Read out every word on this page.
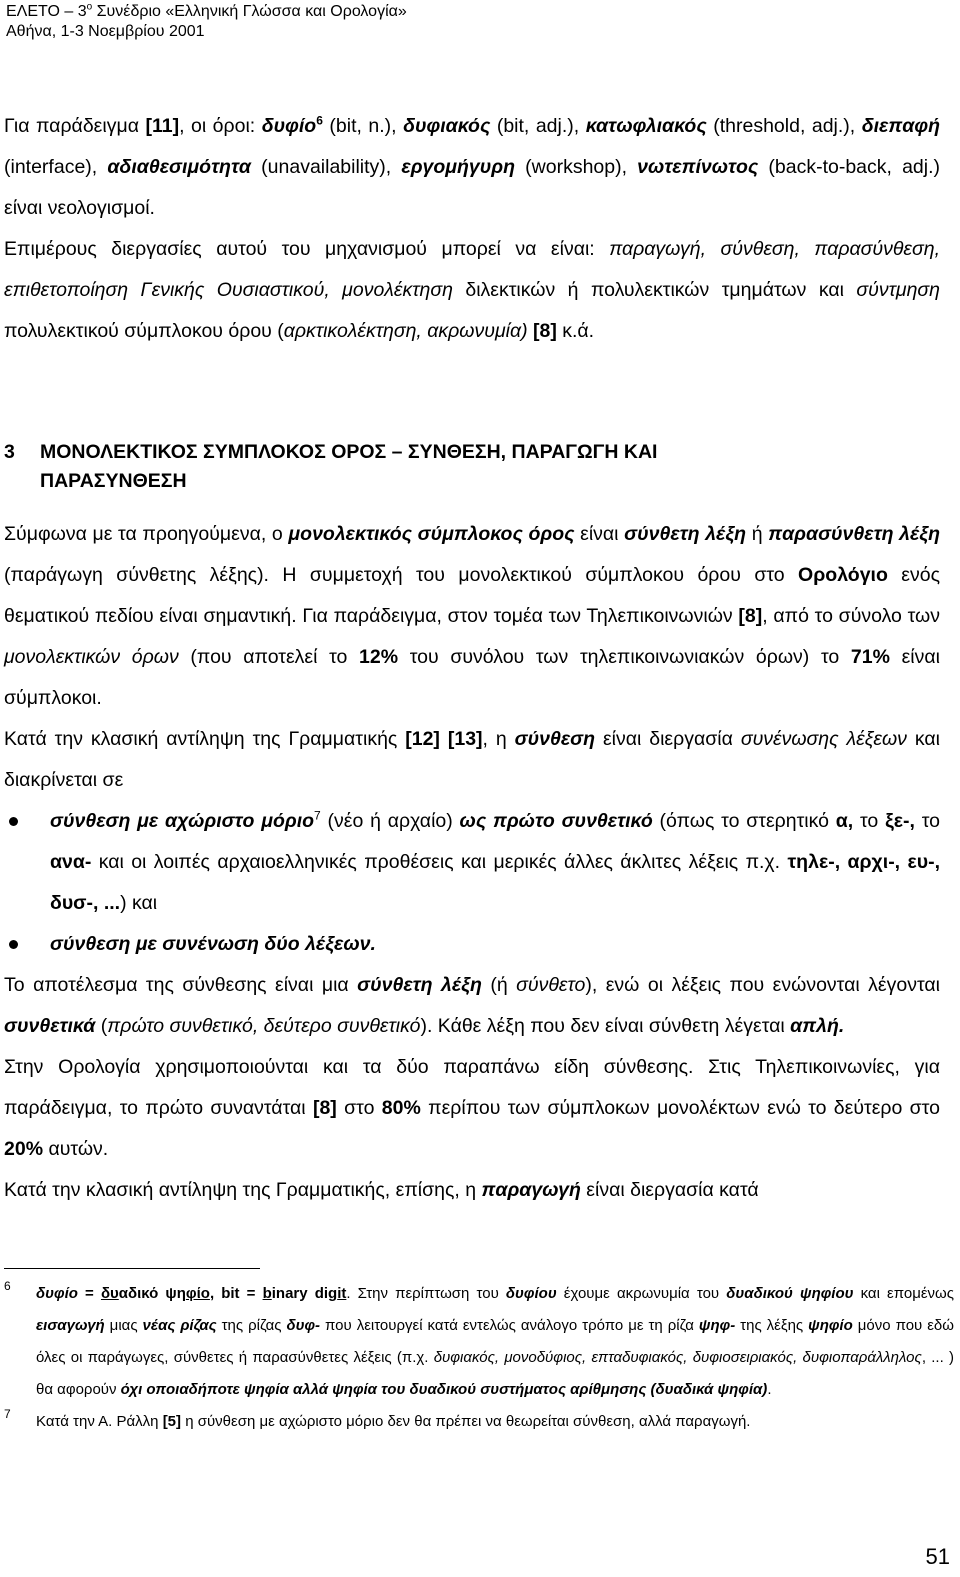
ΕΛΕΤΟ – $3^o$ Συνέδριο «Ελληνική Γλώσσα και Ορολογία»
Αθήνα, 1-3 Νοεμβρίου 2001
Για παράδειγμα [11], οι όροι: δυφίο$^6$ (bit, n.), δυφιακός (bit, adj.), κατωφλιακός (threshold, adj.), διεπαφή (interface), αδιαθεσιμότητα (unavailability), εργομήγυρη (workshop), νωτεπίνωτος (back-to-back, adj.) είναι νεολογισμοί.
Επιμέρους διεργασίες αυτού του μηχανισμού μπορεί να είναι: παραγωγή, σύνθεση, παρασύνθεση, επιθετοποίηση Γενικής Ουσιαστικού, μονολέκτηση διλεκτικών ή πολυλεκτικών τμημάτων και σύντμηση πολυλεκτικού σύμπλοκου όρου (αρκτικολέκτηση, ακρωνυμία) [8] κ.ά.
3 ΜΟΝΟΛΕΚΤΙΚΟΣ ΣΥΜΠΛΟΚΟΣ ΟΡΟΣ – ΣΥΝΘΕΣΗ, ΠΑΡΑΓΩΓΗ ΚΑΙ
ΠΑΡΑΣΥΝΘΕΣΗ

Σύμφωνα με τα προηγούμενα, ο μονολεκτικός σύμπλοκος όρος είναι σύνθετη λέξη ή παρασύνθετη λέξη (παράγωγη σύνθετης λέξης). Η συμμετοχή του μονολεκτικού σύμπλοκου όρου στο Ορολόγιο ενός θεματικού πεδίου είναι σημαντική. Για παράδειγμα, στον τομέα των Τηλεπικοινωνιών [8], από το σύνολο των μονολεκτικών όρων (που αποτελεί το 12% του συνόλου των τηλεπικοινωνιακών όρων) το 71% είναι σύμπλοκοι.

Κατά την κλασική αντίληψη της Γραμματικής [12] [13], η σύνθεση είναι διεργασία συνένωσης λέξεων και διακρίνεται σε

σύνθεση με αχώριστο μόριο$^7$ (νέο ή αρχαίο) ως πρώτο συνθετικό (όπως το στερητικό α, το ξε-, το ανα- και οι λοιπές αρχαιοελληνικές προθέσεις και μερικές άλλες άκλιτες λέξεις π.χ. τηλε-, αρχι-, ευ-, δυσ-, ...) και

σύνθεση με συνένωση δύο λέξεων.

Το αποτέλεσμα της σύνθεσης είναι μια σύνθετη λέξη (ή σύνθετο), ενώ οι λέξεις που ενώνονται λέγονται συνθετικά (πρώτο συνθετικό, δεύτερο συνθετικό). Κάθε λέξη που δεν είναι σύνθετη λέγεται απλή.

Στην Ορολογία χρησιμοποιούνται και τα δύο παραπάνω είδη σύνθεσης. Στις Τηλεπικοινωνίες, για παράδειγμα, το πρώτο συναντάται [8] στο 80% περίπου των σύμπλοκων μονολέκτων ενώ το δεύτερο στο 20% αυτών.

Κατά την κλασική αντίληψη της Γραμματικής, επίσης, η παραγωγή είναι διεργασία κατά

6 δυφίο = δυαδικό ψηφίο, bit = binary digit. Στην περίπτωση του δυφίου έχουμε ακρωνυμία του δυαδικού ψηφίου και επομένως εισαγωγή μιας νέας ρίζας της ρίζας δυφ- που λειτουργεί κατά εντελώς ανάλογο τρόπο με τη ρίζα ψηφ- της λέξης ψηφίο μόνο που εδώ όλες οι παράγωγες, σύνθετες ή παρασύνθετες λέξεις (π.χ. δυφιακός, μονοδύφιος, επταδυφιακός, δυφιοσειριακός, δυφιοπαράλληλος, ... ) θα αφορούν όχι οποιαδήποτε ψηφία αλλά ψηφία του δυαδικού συστήματος αρίθμησης (δυαδικά ψηφία).
7 Κατά την Α. Ράλλη [5] η σύνθεση με αχώριστο μόριο δεν θα πρέπει να θεωρείται σύνθεση, αλλά παραγωγή.
51
